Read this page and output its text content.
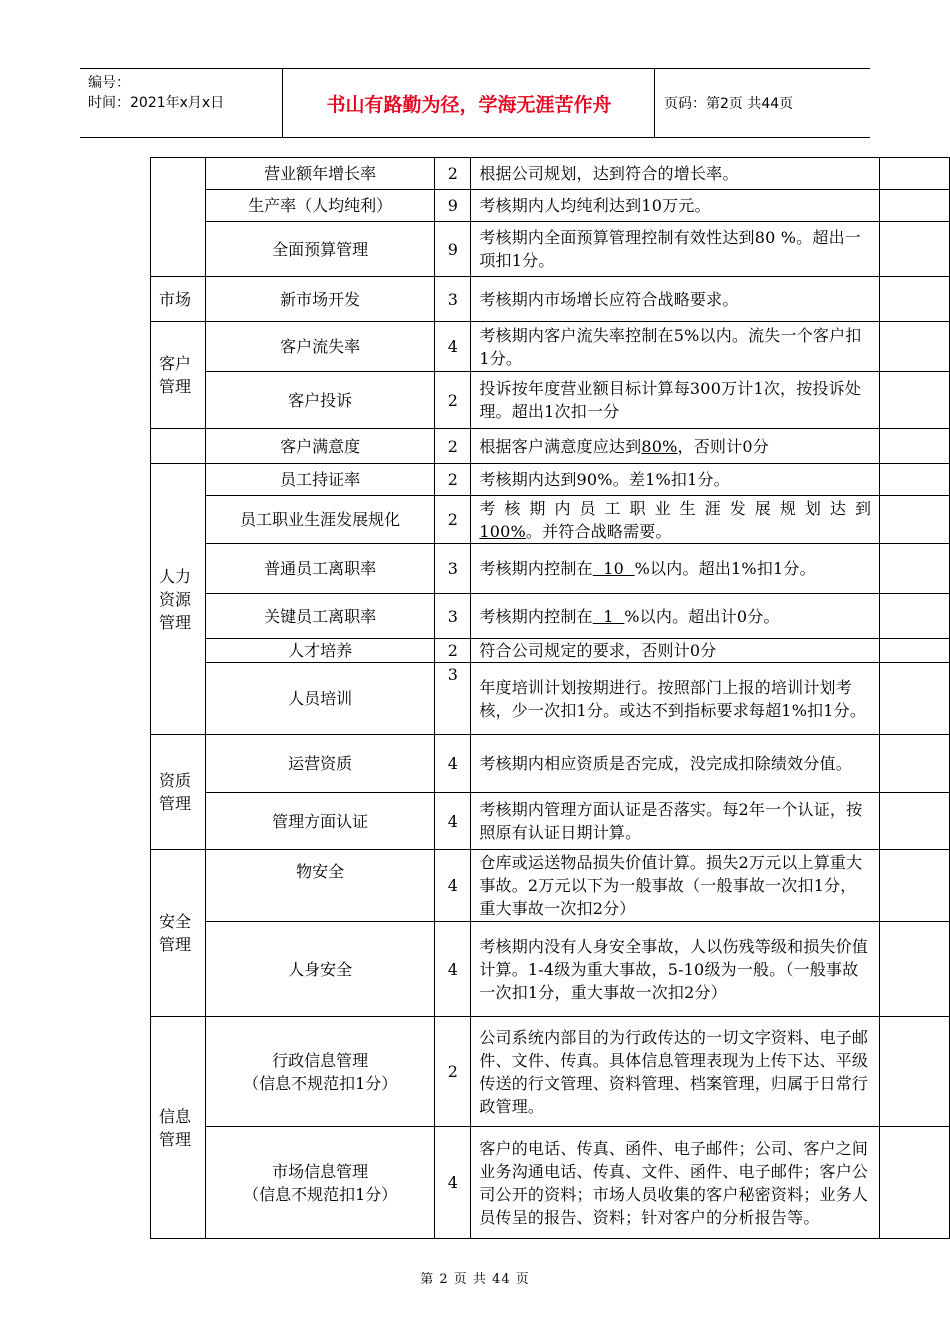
编号：
时间：2021年x月x日	书山有路勤为径，学海无涯苦作舟	页码：第2页 共44页
	营业额年增长率	2	根据公司规划，达到符合的增长率。	
	生产率（人均纯利）	9	考核期内人均纯利达到10万元。	
	全面预算管理	9	考核期内全面预算管理控制有效性达到80 %。超出一项扣1分。	
市场	新市场开发	3	考核期内市场增长应符合战略要求。	

客户管理	客户流失率	4	考核期内客户流失率控制在5%以内。流失一个客户扣1分。	
	客户投诉	2	投诉按年度营业额目标计算每300万计1次，按投诉处理。超出1次扣一分	
	客户满意度	2	根据客户满意度应达到80%，否则计0分	

人力资源管理	员工持证率	2	考核期内达到90%。差1%扣1分。	
	员工职业生涯发展规化	2	考核期内员工职业生涯发展规划达到
100%。并符合战略需要。	
	普通员工离职率	3	考核期内控制在  10  %以内。超出1%扣1分。	
	关键员工离职率	3	考核期内控制在  1  %以内。超出计0分。	
	人才培养	2	符合公司规定的要求，否则计0分	
	人员培训	3	年度培训计划按期进行。按照部门上报的培训计划考核，少一次扣1分。或达不到指标要求每超1%扣1分。	

资质管理	运营资质	4	考核期内相应资质是否完成，没完成扣除绩效分值。	
	管理方面认证	4	考核期内管理方面认证是否落实。每2年一个认证，按照原有认证日期计算。	

安全管理	物安全	4	仓库或运送物品损失价值计算。损失2万元以上算重大事故。2万元以下为一般事故（一般事故一次扣1分，重大事故一次扣2分）	
	人身安全	4	考核期内没有人身安全事故，人以伤残等级和损失价值计算。1-4级为重大事故，5-10级为一般。（一般事故一次扣1分，重大事故一次扣2分）	

信息管理	行政信息管理
（信息不规范扣1分）	2	公司系统内部目的为行政传达的一切文字资料、电子邮件、文件、传真。具体信息管理表现为上传下达、平级传送的行文管理、资料管理、档案管理，归属于日常行政管理。	

	市场信息管理
（信息不规范扣1分）	4	客户的电话、传真、函件、电子邮件；公司、客户之间业务沟通电话、传真、文件、函件、电子邮件；客户公司公开的资料；市场人员收集的客户秘密资料；业务人员传呈的报告、资料；针对客户的分析报告等。	
第 2 页 共 44 页
